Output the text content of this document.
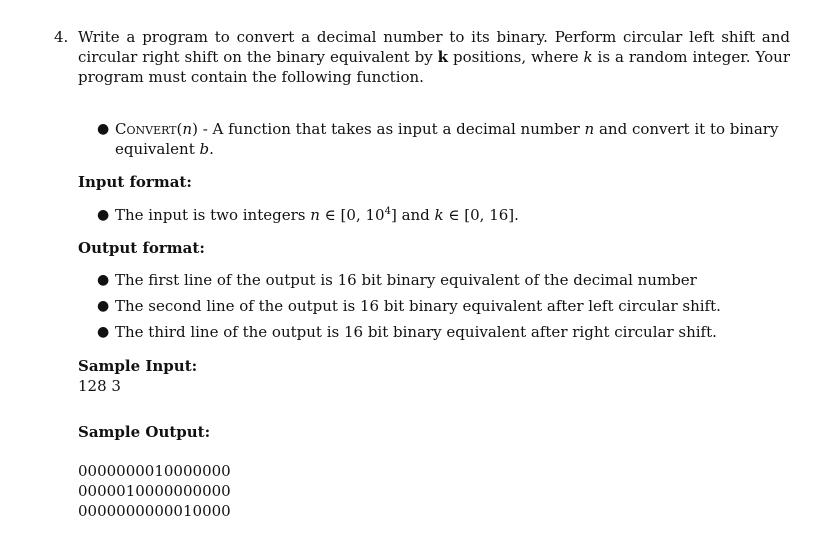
4. Write a program to convert a decimal number to its binary. Perform circular left shift and circular right shift on the binary equivalent by k positions, where k is a random integer. Your program must contain the following function.
● Convert(n) - A function that takes as input a decimal number n and convert it to binary equivalent b.
Input format:
● The input is two integers n ∈ [0, $10^4$] and k ∈ [0, 16].
Output format:
● The first line of the output is 16 bit binary equivalent of the decimal number
● The second line of the output is 16 bit binary equivalent after left circular shift.
● The third line of the output is 16 bit binary equivalent after right circular shift.
Sample Input:
128 3
Sample Output:
0000000010000000
0000010000000000
0000000000010000
